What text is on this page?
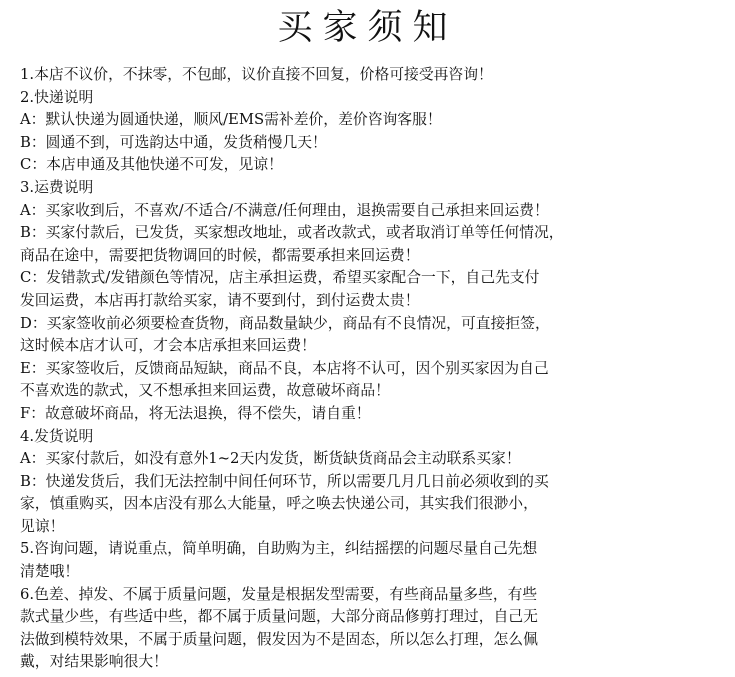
买家须知

1.本店不议价，不抹零，不包邮，议价直接不回复，价格可接受再咨询！

2.快递说明

A：默认快递为圆通快递，顺风/EMS需补差价，差价咨询客服！

B：圆通不到，可选韵达中通，发货稍慢几天！

C：本店申通及其他快递不可发，见谅！

3.运费说明

A：买家收到后，不喜欢/不适合/不满意/任何理由，退换需要自己承担来回运费！

B：买家付款后，已发货，买家想改地址，或者改款式，或者取消订单等任何情况，

商品在途中，需要把货物调回的时候，都需要承担来回运费！

C：发错款式/发错颜色等情况，店主承担运费，希望买家配合一下，自己先支付

发回运费，本店再打款给买家，请不要到付，到付运费太贵！

D：买家签收前必须要检查货物，商品数量缺少，商品有不良情况，可直接拒签，

这时候本店才认可，才会本店承担来回运费！

E：买家签收后，反馈商品短缺，商品不良，本店将不认可，因个别买家因为自己

不喜欢选的款式，又不想承担来回运费，故意破坏商品！

F：故意破坏商品，将无法退换，得不偿失，请自重！

4.发货说明

A：买家付款后，如没有意外1~2天内发货，断货缺货商品会主动联系买家！

B：快递发货后，我们无法控制中间任何环节，所以需要几月几日前必须收到的买

家，慎重购买，因本店没有那么大能量，呼之唤去快递公司，其实我们很渺小，

见谅！

5.咨询问题，请说重点，简单明确，自助购为主，纠结摇摆的问题尽量自己先想

清楚哦！

6.色差、掉发、不属于质量问题，发量是根据发型需要，有些商品量多些，有些

款式量少些，有些适中些，都不属于质量问题，大部分商品修剪打理过，自己无

法做到模特效果，不属于质量问题，假发因为不是固态，所以怎么打理，怎么佩

戴，对结果影响很大！
